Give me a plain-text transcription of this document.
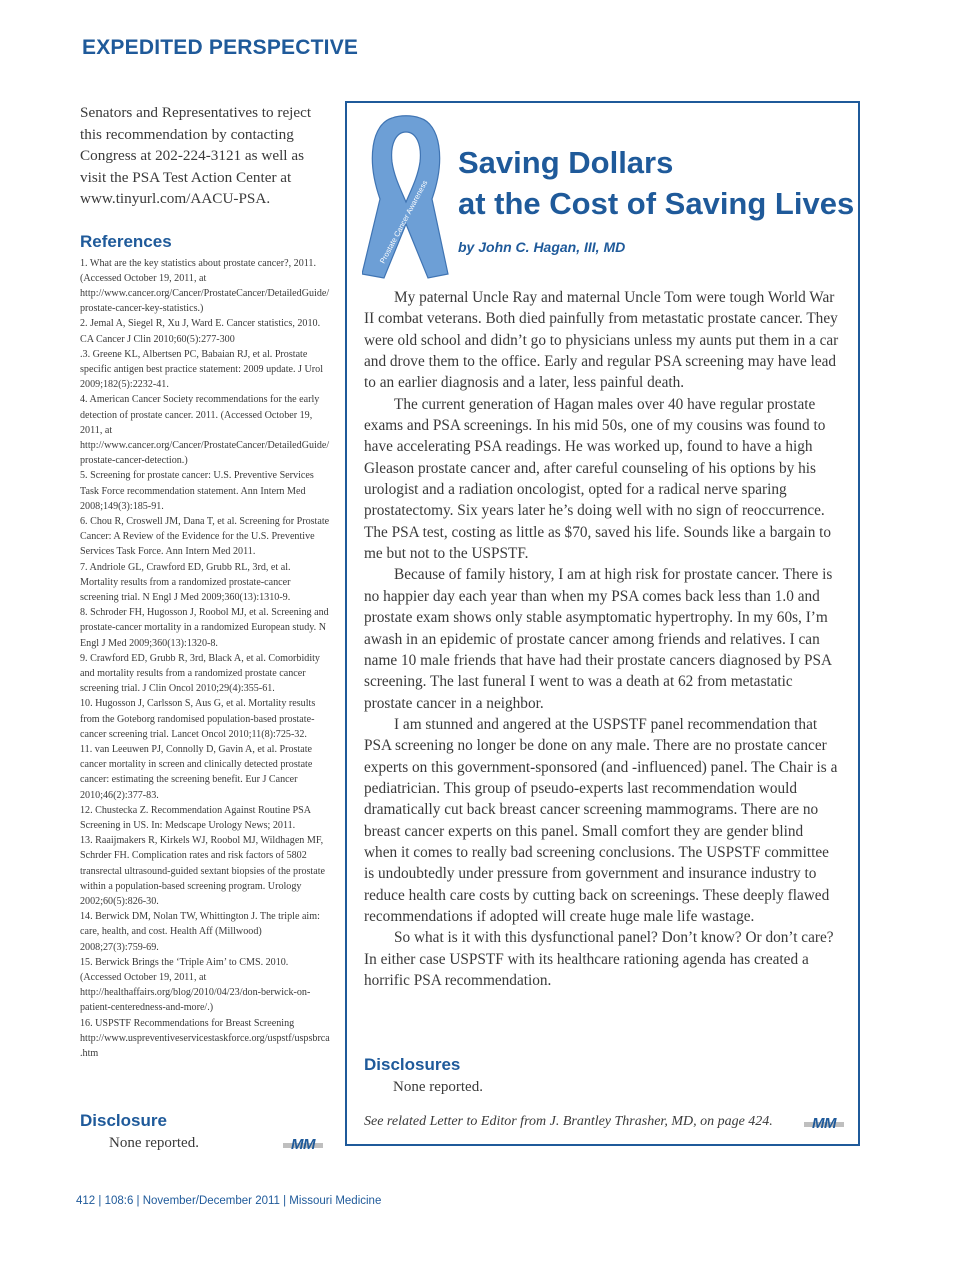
EXPEDITED PERSPECTIVE

Senators and Representatives to reject this recommendation by contacting Congress at 202-224-3121 as well as visit the PSA Test Action Center at www.tinyurl.com/AACU-PSA.

References
1. What are the key statistics about prostate cancer?, 2011. (Accessed October 19, 2011, at http://www.cancer.org/Cancer/ProstateCancer/DetailedGuide/prostate-cancer-key-statistics.)
2. Jemal A, Siegel R, Xu J, Ward E. Cancer statistics, 2010. CA Cancer J Clin 2010;60(5):277-300
.3. Greene KL, Albertsen PC, Babaian RJ, et al. Prostate specific antigen best practice statement: 2009 update. J Urol 2009;182(5):2232-41.
4. American Cancer Society recommendations for the early detection of prostate cancer. 2011. (Accessed October 19, 2011, at http://www.cancer.org/Cancer/ProstateCancer/DetailedGuide/prostate-cancer-detection.)
5. Screening for prostate cancer: U.S. Preventive Services Task Force recommendation statement. Ann Intern Med 2008;149(3):185-91.
6. Chou R, Croswell JM, Dana T, et al. Screening for Prostate Cancer: A Review of the Evidence for the U.S. Preventive Services Task Force. Ann Intern Med 2011.
7. Andriole GL, Crawford ED, Grubb RL, 3rd, et al. Mortality results from a randomized prostate-cancer screening trial. N Engl J Med 2009;360(13):1310-9.
8. Schroder FH, Hugosson J, Roobol MJ, et al. Screening and prostate-cancer mortality in a randomized European study. N Engl J Med 2009;360(13):1320-8.
9. Crawford ED, Grubb R, 3rd, Black A, et al. Comorbidity and mortality results from a randomized prostate cancer screening trial. J Clin Oncol 2010;29(4):355-61.
10. Hugosson J, Carlsson S, Aus G, et al. Mortality results from the Goteborg randomised population-based prostate-cancer screening trial. Lancet Oncol 2010;11(8):725-32.
11. van Leeuwen PJ, Connolly D, Gavin A, et al. Prostate cancer mortality in screen and clinically detected prostate cancer: estimating the screening benefit. Eur J Cancer 2010;46(2):377-83.
12. Chustecka Z. Recommendation Against Routine PSA Screening in US. In: Medscape Urology News; 2011.
13. Raaijmakers R, Kirkels WJ, Roobol MJ, Wildhagen MF, Schrder FH. Complication rates and risk factors of 5802 transrectal ultrasound-guided sextant biopsies of the prostate within a population-based screening program. Urology 2002;60(5):826-30.
14. Berwick DM, Nolan TW, Whittington J. The triple aim: care, health, and cost. Health Aff (Millwood) 2008;27(3):759-69.
15. Berwick Brings the ‘Triple Aim’ to CMS. 2010. (Accessed October 19, 2011, at http://healthaffairs.org/blog/2010/04/23/don-berwick-on-patient-centeredness-and-more/.)
16. USPSTF Recommendations for Breast Screening http://www.uspreventiveservicestaskforce.org/uspstf/uspsbrca.htm
Disclosure
None reported.	MM
Prostate Cancer Awareness
Saving Dollars
at the Cost of Saving Lives
by John C. Hagan, III, MD

My paternal Uncle Ray and maternal Uncle Tom were tough World War II combat veterans. Both died painfully from metastatic prostate cancer. They were old school and didn’t go to physicians unless my aunts put them in a car and drove them to the office. Early and regular PSA screening may have lead to an earlier diagnosis and a later, less painful death.

The current generation of Hagan males over 40 have regular prostate exams and PSA screenings. In his mid 50s, one of my cousins was found to have accelerating PSA readings. He was worked up, found to have a high Gleason prostate cancer and, after careful counseling of his options by his urologist and a radiation oncologist, opted for a radical nerve sparing prostatectomy. Six years later he’s doing well with no sign of reoccurrence. The PSA test, costing as little as $70, saved his life. Sounds like a bargain to me but not to the USPSTF.

Because of family history, I am at high risk for prostate cancer. There is no happier day each year than when my PSA comes back less than 1.0 and prostate exam shows only stable asymptomatic hypertrophy. In my 60s, I’m awash in an epidemic of prostate cancer among friends and relatives. I can name 10 male friends that have had their prostate cancers diagnosed by PSA screening. The last funeral I went to was a death at 62 from metastatic prostate cancer in a neighbor.

I am stunned and angered at the USPSTF panel recommendation that PSA screening no longer be done on any male. There are no prostate cancer experts on this government-sponsored (and -influenced) panel. The Chair is a pediatrician. This group of pseudo-experts last recommendation would dramatically cut back breast cancer screening mammograms. There are no breast cancer experts on this panel. Small comfort they are gender blind when it comes to really bad screening conclusions. The USPSTF committee is undoubtedly under pressure from government and insurance industry to reduce health care costs by cutting back on screenings. These deeply flawed recommendations if adopted will create huge male life wastage.

So what is it with this dysfunctional panel? Don’t know? Or don’t care? In either case USPSTF with its healthcare rationing agenda has created a horrific PSA recommendation.

Disclosures
None reported.
See related Letter to Editor from J. Brantley Thrasher, MD, on page 424.	MM
412 | 108:6 | November/December 2011 | Missouri Medicine
